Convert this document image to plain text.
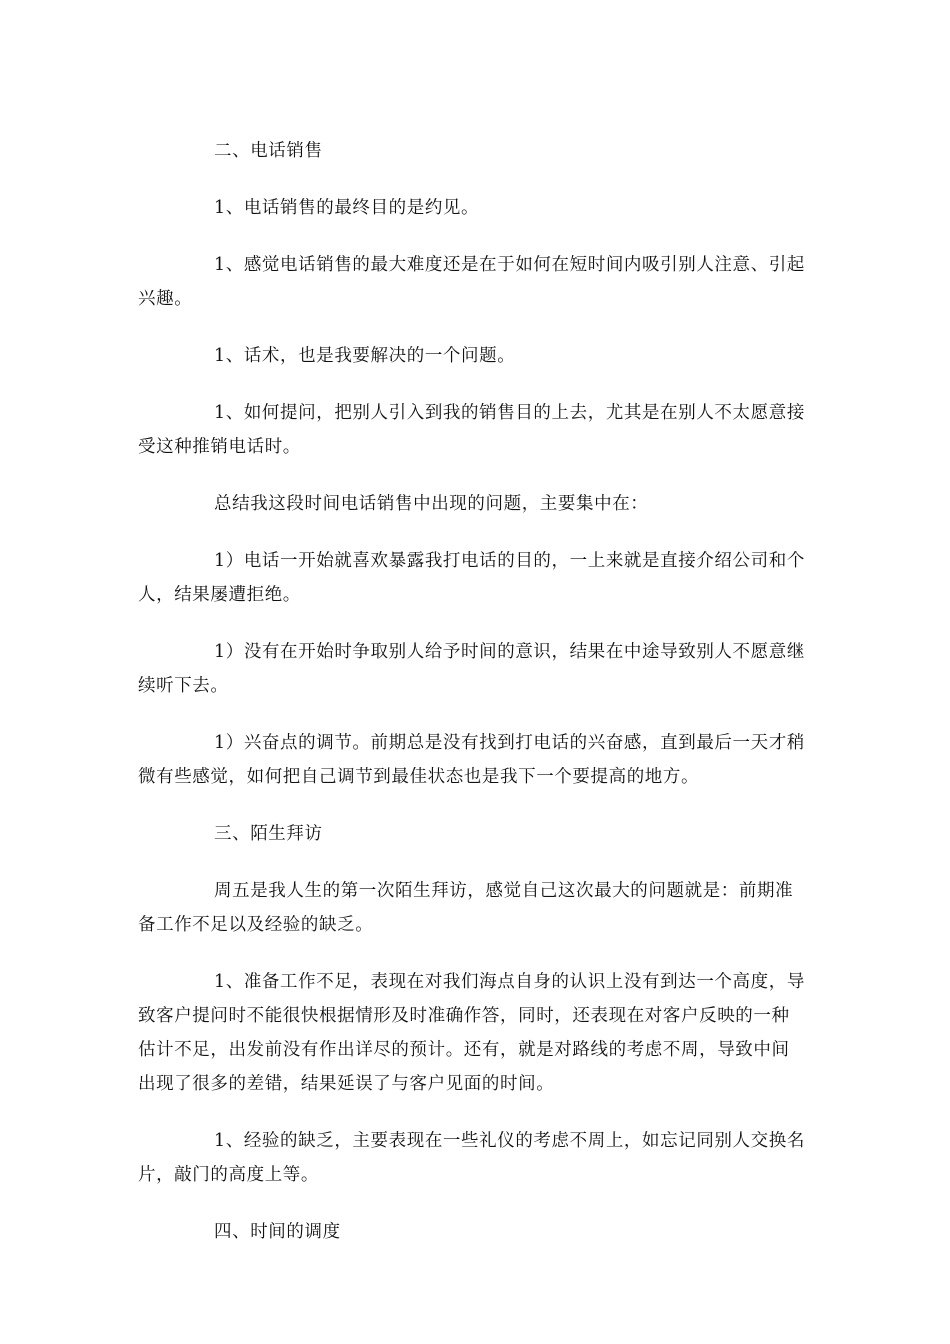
二、电话销售

1、电话销售的最终目的是约见。

1、感觉电话销售的最大难度还是在于如何在短时间内吸引别人注意、引起兴趣。

1、话术，也是我要解决的一个问题。

1、如何提问，把别人引入到我的销售目的上去，尤其是在别人不太愿意接受这种推销电话时。

总结我这段时间电话销售中出现的问题，主要集中在：

1）电话一开始就喜欢暴露我打电话的目的，一上来就是直接介绍公司和个人，结果屡遭拒绝。

1）没有在开始时争取别人给予时间的意识，结果在中途导致别人不愿意继续听下去。

1）兴奋点的调节。前期总是没有找到打电话的兴奋感，直到最后一天才稍微有些感觉，如何把自己调节到最佳状态也是我下一个要提高的地方。

三、陌生拜访

周五是我人生的第一次陌生拜访，感觉自己这次最大的问题就是：前期准备工作不足以及经验的缺乏。

1、准备工作不足，表现在对我们海点自身的认识上没有到达一个高度，导致客户提问时不能很快根据情形及时准确作答，同时，还表现在对客户反映的一种估计不足，出发前没有作出详尽的预计。还有，就是对路线的考虑不周，导致中间出现了很多的差错，结果延误了与客户见面的时间。

1、经验的缺乏，主要表现在一些礼仪的考虑不周上，如忘记同别人交换名片，敲门的高度上等。

四、时间的调度
